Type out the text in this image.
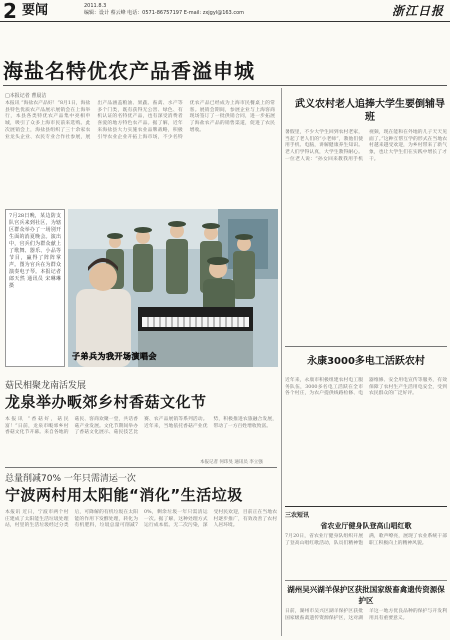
2 要闻	2011.8.3
编辑：设计 蔡云峰 电话：0571-86757197 E-mail: zxjgyl@163.com	浙江日报
海盐名特优农产品香溢申城
□本报记者 曹晨洁
本报讯 “海盐农产品好！”8月1日，海盐县特色优质农产品展示展销会在上海举行，本县各类特优农产品集中亮相申城，吸引了众多上海市民前来选购。此次展销会上，海盐县组织了三十余家农业龙头企业、农民专业合作社参展，展出产品涵盖粮油、果蔬、畜禽、水产等多个门类，既有获得无公害、绿色、有机认证的名特优产品，也有深受消费者喜爱的地方特色农产品。据了解，近年来海盐县大力实施农业品牌战略，积极引导农业企业开拓上海市场，不少名特优农产品已经成为上海市民餐桌上的常客。展销会期间，参展企业与上海客商现场签订了一批供销合同，进一步拓展了海盐农产品的销售渠道，促进了农民增收。
7月28日晚，某边防支队官兵来到社区，为辖区群众举办了一场别开生面的消夏晚会。演出中，官兵们为群众献上了歌舞、器乐、小品等节目，赢得了阵阵掌声。图为官兵在为群众演奏电子琴。本报记者 郎天然 通讯员 宋琳琳 摄
子弟兵为我开场演唱会
菇民相聚龙南活发展
龙泉举办畈郊乡村香菇文化节
本报讯 “香菇好，菇民富！”日前，龙泉市畈郊乡村香菇文化节开幕。来自各地的菇民、客商欢聚一堂，共话香菇产业发展。文化节期间举办了香菇文化展示、菇民技艺比赛、农产品展销等系列活动。近年来，当地依托香菇产业优势，积极推进农旅融合发展，带动了一方百姓增收致富。
本报记者 何玮旻 通讯员 李立强
总量削减70% 一年只需清运一次
宁波两村用太阳能“消化”生活垃圾
本报讯 近日，宁波市两个村庄建成了太阳能生活垃圾处理站，村里的生活垃圾经过分类后，可降解的有机垃圾在太阳能的作用下发酵处理，转化为有机肥料，垃圾总量可削减70%，剩余垃圾一年只需清运一次。据了解，这种处理方式运行成本低、无二次污染，深受村民欢迎，目前正在当地农村逐步推广，有效改善了农村人居环境。
武义农村老人追捧大学生要倒辅导班
暑假里，不少大学生回到农村老家，当起了老人们的“小老师”，教他们使用手机、电脑，讲解健康养生知识。老人们学得认真，大学生教得耐心。一位老人说：“孙女回来教我用手机视频，现在能和在外地的儿子天天见面了。”这种互帮互学的形式在当地农村越来越受欢迎，为乡村带来了新气象，也让大学生们在实践中增长了才干。
永康3000多电工活跃农村
近年来，永康市积极组建农村电工服务队伍，3000多名电工活跃在全市各个村庄，为农户提供线路检修、电器维修、安全用电宣传等服务，有效保障了农村生产生活用电安全，受到农民群众的广泛好评。
三农短讯
省农业厅健身队登高山唱红歌
7月20日，省农业厅健身队组织开展了登高山唱红歌活动，队员们精神饱满，歌声嘹亮，展现了农业系统干部职工积极向上的精神风貌。
湖州吴兴湖羊保护区获批国家级畜禽遗传资源保护区
日前，湖州市吴兴区湖羊保护区获批国家级畜禽遗传资源保护区，这对湖羊这一地方优良品种的保护与开发利用具有重要意义。
